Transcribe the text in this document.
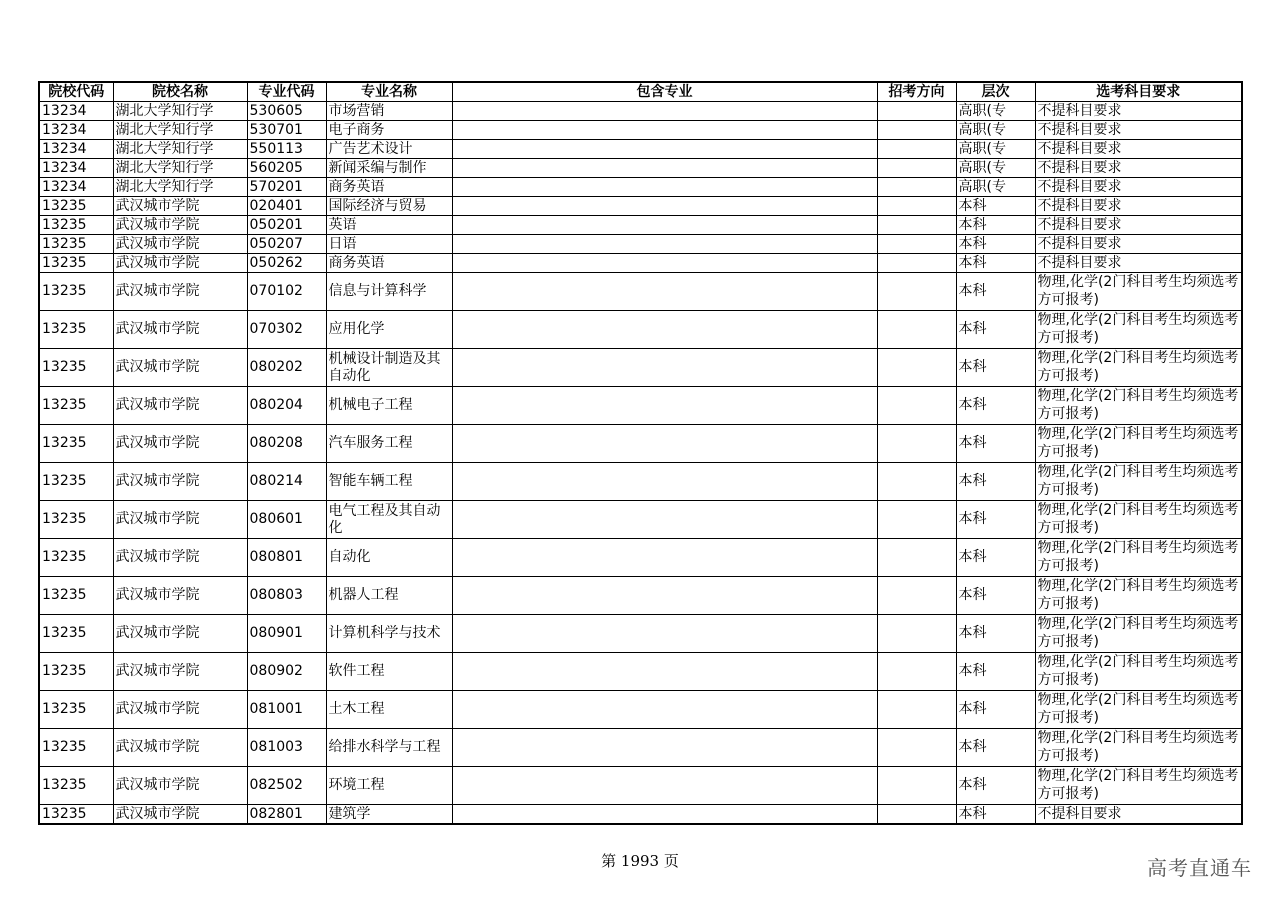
院校代码	院校名称	专业代码	专业名称	包含专业	招考方向	层次	选考科目要求
13234	湖北大学知行学	530605	市场营销			高职(专	不提科目要求
13234	湖北大学知行学	530701	电子商务			高职(专	不提科目要求
13234	湖北大学知行学	550113	广告艺术设计			高职(专	不提科目要求
13234	湖北大学知行学	560205	新闻采编与制作			高职(专	不提科目要求
13234	湖北大学知行学	570201	商务英语			高职(专	不提科目要求
13235	武汉城市学院	020401	国际经济与贸易			本科	不提科目要求
13235	武汉城市学院	050201	英语			本科	不提科目要求
13235	武汉城市学院	050207	日语			本科	不提科目要求
13235	武汉城市学院	050262	商务英语			本科	不提科目要求
13235	武汉城市学院	070102	信息与计算科学			本科	物理,化学(2门科目考生均须选考方可报考)
13235	武汉城市学院	070302	应用化学			本科	物理,化学(2门科目考生均须选考方可报考)
13235	武汉城市学院	080202	机械设计制造及其自动化			本科	物理,化学(2门科目考生均须选考方可报考)
13235	武汉城市学院	080204	机械电子工程			本科	物理,化学(2门科目考生均须选考方可报考)
13235	武汉城市学院	080208	汽车服务工程			本科	物理,化学(2门科目考生均须选考方可报考)
13235	武汉城市学院	080214	智能车辆工程			本科	物理,化学(2门科目考生均须选考方可报考)
13235	武汉城市学院	080601	电气工程及其自动化			本科	物理,化学(2门科目考生均须选考方可报考)
13235	武汉城市学院	080801	自动化			本科	物理,化学(2门科目考生均须选考方可报考)
13235	武汉城市学院	080803	机器人工程			本科	物理,化学(2门科目考生均须选考方可报考)
13235	武汉城市学院	080901	计算机科学与技术			本科	物理,化学(2门科目考生均须选考方可报考)
13235	武汉城市学院	080902	软件工程			本科	物理,化学(2门科目考生均须选考方可报考)
13235	武汉城市学院	081001	土木工程			本科	物理,化学(2门科目考生均须选考方可报考)
13235	武汉城市学院	081003	给排水科学与工程			本科	物理,化学(2门科目考生均须选考方可报考)
13235	武汉城市学院	082502	环境工程			本科	物理,化学(2门科目考生均须选考方可报考)
13235	武汉城市学院	082801	建筑学			本科	不提科目要求
第 1993 页	高考直通车
